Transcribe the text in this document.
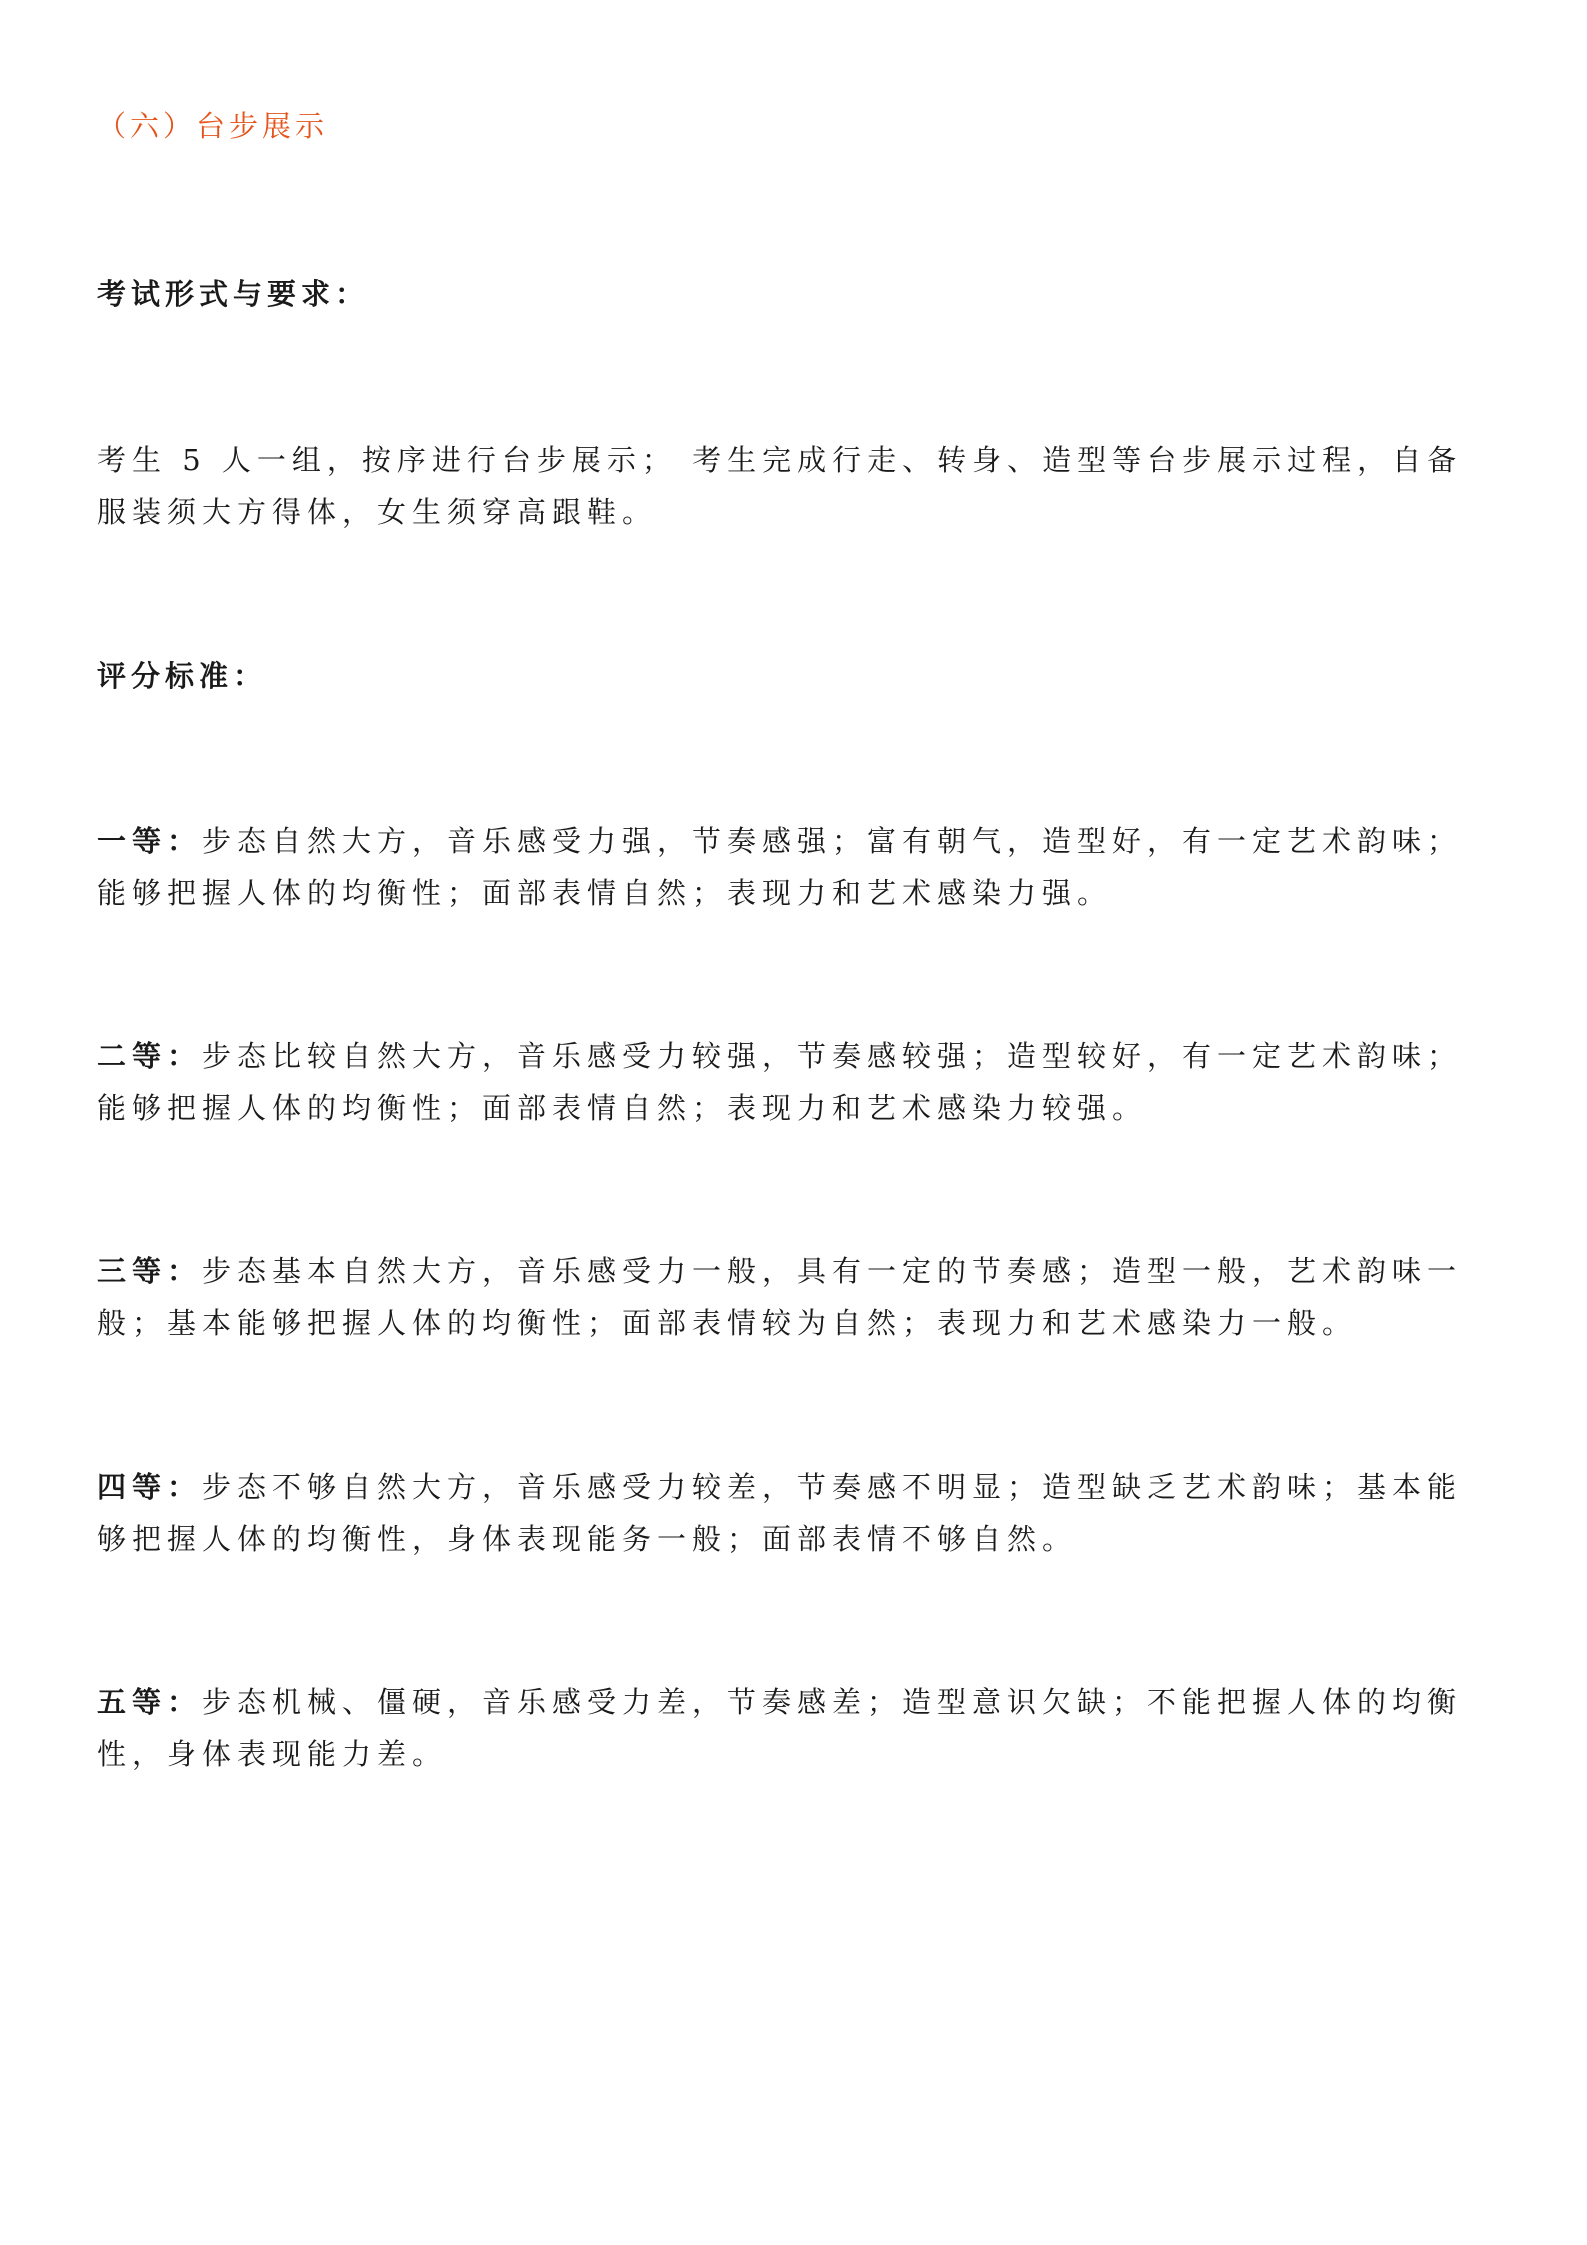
（六）台步展示

考试形式与要求：

考生 5 人一组，按序进行台步展示； 考生完成行走、转身、造型等台步展示过程，自备服装须大方得体，女生须穿高跟鞋。

评分标准：

一等：步态自然大方，音乐感受力强，节奏感强；富有朝气，造型好，有一定艺术韵味；能够把握人体的均衡性；面部表情自然；表现力和艺术感染力强。

二等：步态比较自然大方，音乐感受力较强，节奏感较强；造型较好，有一定艺术韵味；能够把握人体的均衡性；面部表情自然；表现力和艺术感染力较强。

三等：步态基本自然大方，音乐感受力一般，具有一定的节奏感；造型一般，艺术韵味一般；基本能够把握人体的均衡性；面部表情较为自然；表现力和艺术感染力一般。

四等：步态不够自然大方，音乐感受力较差，节奏感不明显；造型缺乏艺术韵味；基本能够把握人体的均衡性，身体表现能务一般；面部表情不够自然。

五等：步态机械、僵硬，音乐感受力差，节奏感差；造型意识欠缺；不能把握人体的均衡性，身体表现能力差。
